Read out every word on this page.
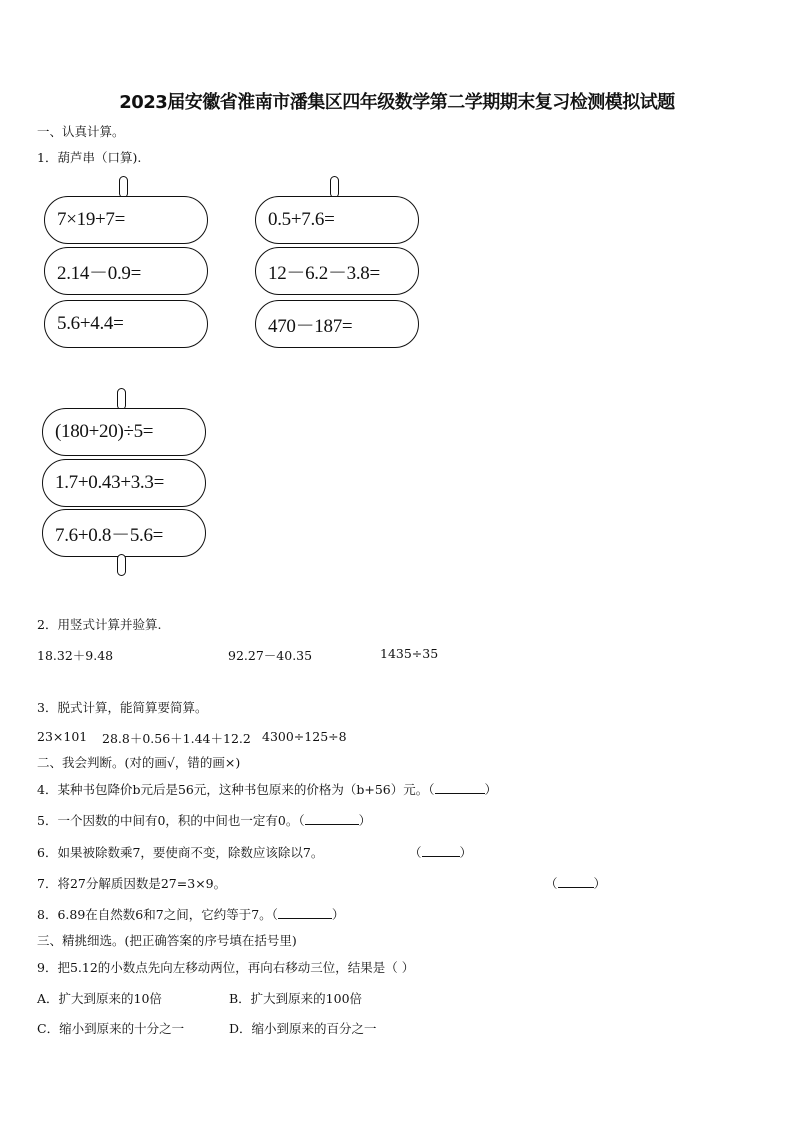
2023届安徽省淮南市潘集区四年级数学第二学期期末复习检测模拟试题
一、认真计算。
1．葫芦串（口算).
7×19+7=
2.14－0.9=
5.6+4.4=
0.5+7.6=
12－6.2－3.8=
470－187=
(180+20)÷5=
1.7+0.43+3.3=
7.6+0.8－5.6=
2．用竖式计算并验算.
18.32＋9.48	92.27－40.35	1435÷35
3．脱式计算，能简算要简算。
23×101 28.8＋0.56＋1.44＋12.2 4300÷125÷8
二、我会判断。(对的画√，错的画×)
4．某种书包降价b元后是56元，这种书包原来的价格为（b+56）元。（	）
5．一个因数的中间有0，积的中间也一定有0。（	）
6．如果被除数乘7，要使商不变，除数应该除以7。	（	）
7．将27分解质因数是27=3×9。	（	）
8．6.89在自然数6和7之间，它约等于7。（	）
三、精挑细选。(把正确答案的序号填在括号里)
9．把5.12的小数点先向左移动两位，再向右移动三位，结果是（ ）
A．扩大到原来的10倍	B．扩大到原来的100倍
C．缩小到原来的十分之一	D．缩小到原来的百分之一
